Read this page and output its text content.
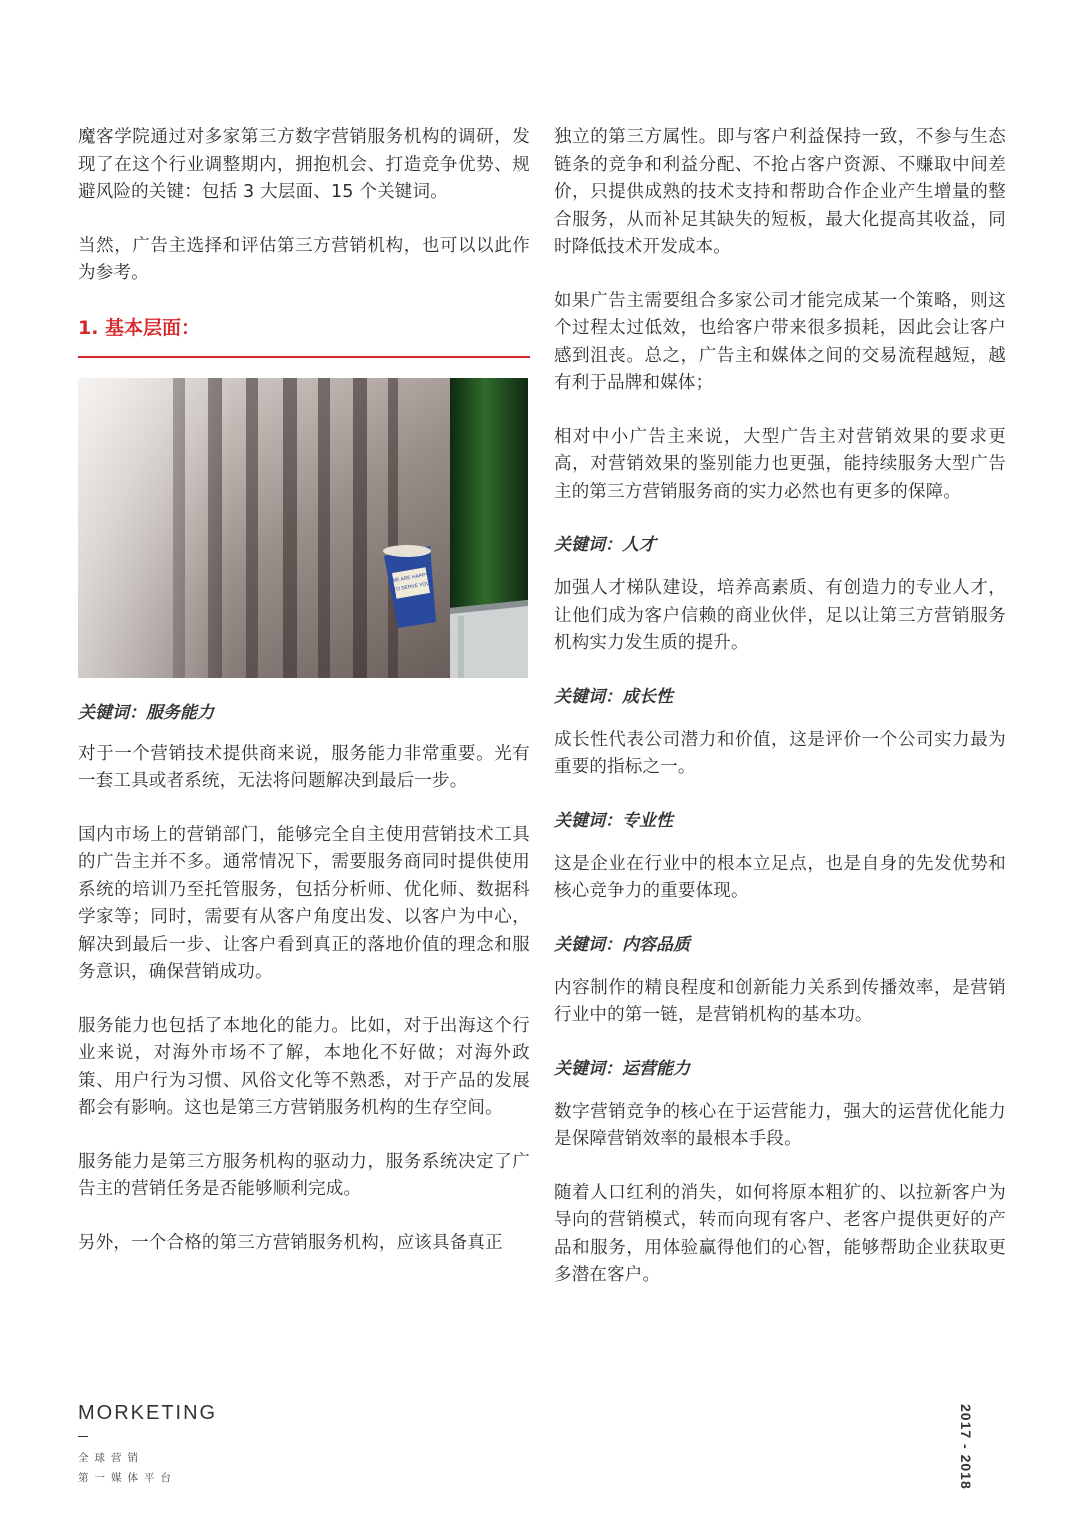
魔客学院通过对多家第三方数字营销服务机构的调研，发现了在这个行业调整期内，拥抱机会、打造竞争优势、规避风险的关键：包括 3 大层面、15 个关键词。

当然，广告主选择和评估第三方营销机构，也可以以此作为参考。

1. 基本层面：
WE ARE HAPPY
TO SERVE YOU
关键词：服务能力

对于一个营销技术提供商来说，服务能力非常重要。光有一套工具或者系统，无法将问题解决到最后一步。

国内市场上的营销部门，能够完全自主使用营销技术工具的广告主并不多。通常情况下，需要服务商同时提供使用系统的培训乃至托管服务，包括分析师、优化师、数据科学家等；同时，需要有从客户角度出发、以客户为中心，解决到最后一步、让客户看到真正的落地价值的理念和服务意识，确保营销成功。

服务能力也包括了本地化的能力。比如，对于出海这个行业来说，对海外市场不了解，本地化不好做；对海外政策、用户行为习惯、风俗文化等不熟悉，对于产品的发展都会有影响。这也是第三方营销服务机构的生存空间。

服务能力是第三方服务机构的驱动力，服务系统决定了广告主的营销任务是否能够顺利完成。

另外，一个合格的第三方营销服务机构，应该具备真正

独立的第三方属性。即与客户利益保持一致，不参与生态链条的竞争和利益分配、不抢占客户资源、不赚取中间差价，只提供成熟的技术支持和帮助合作企业产生增量的整合服务，从而补足其缺失的短板，最大化提高其收益，同时降低技术开发成本。

如果广告主需要组合多家公司才能完成某一个策略，则这个过程太过低效，也给客户带来很多损耗，因此会让客户感到沮丧。总之，广告主和媒体之间的交易流程越短，越有利于品牌和媒体；

相对中小广告主来说，大型广告主对营销效果的要求更高，对营销效果的鉴别能力也更强，能持续服务大型广告主的第三方营销服务商的实力必然也有更多的保障。

关键词：人才

加强人才梯队建设，培养高素质、有创造力的专业人才，让他们成为客户信赖的商业伙伴，足以让第三方营销服务机构实力发生质的提升。

关键词：成长性

成长性代表公司潜力和价值，这是评价一个公司实力最为重要的指标之一。

关键词：专业性

这是企业在行业中的根本立足点，也是自身的先发优势和核心竞争力的重要体现。

关键词：内容品质

内容制作的精良程度和创新能力关系到传播效率，是营销行业中的第一链，是营销机构的基本功。

关键词：运营能力

数字营销竞争的核心在于运营能力，强大的运营优化能力是保障营销效率的最根本手段。

随着人口红利的消失，如何将原本粗犷的、以拉新客户为导向的营销模式，转而向现有客户、老客户提供更好的产品和服务，用体验赢得他们的心智，能够帮助企业获取更多潜在客户。

MORKETING
全球营销
第一媒体平台	2017 - 2018
